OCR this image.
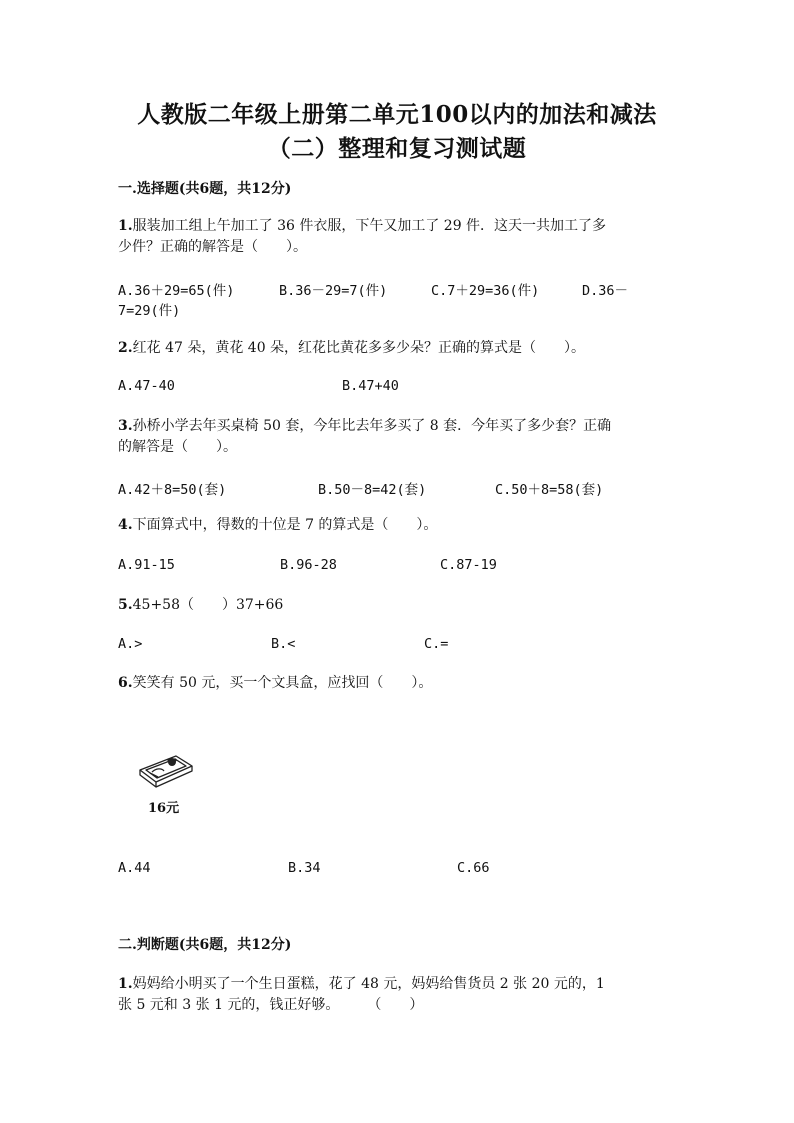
人教版二年级上册第二单元100以内的加法和减法
（二）整理和复习测试题
一.选择题(共6题，共12分)
1.服装加工组上午加工了 36 件衣服，下午又加工了 29 件．这天一共加工了多
少件？正确的解答是（　　）。
A.36＋29=65(件)	B.36－29=7(件)	C.7＋29=36(件)	D.36－
7=29(件)
2.红花 47 朵，黄花 40 朵，红花比黄花多多少朵？正确的算式是（　　）。
A.47-40	B.47+40
3.孙桥小学去年买桌椅 50 套，今年比去年多买了 8 套．今年买了多少套？正确
的解答是（　　）。
A.42＋8=50(套)	B.50－8=42(套)	C.50＋8=58(套)
4.下面算式中，得数的十位是 7 的算式是（　　）。
A.91-15	B.96-28	C.87-19
5.45+58（　　）37+66
A.>	B.<	C.=
6.笑笑有 50 元，买一个文具盒，应找回（　　）。
16元
A.44	B.34	C.66
二.判断题(共6题，共12分)
1.妈妈给小明买了一个生日蛋糕，花了 48 元，妈妈给售货员 2 张 20 元的，1
张 5 元和 3 张 1 元的，钱正好够。　　　（　　）
